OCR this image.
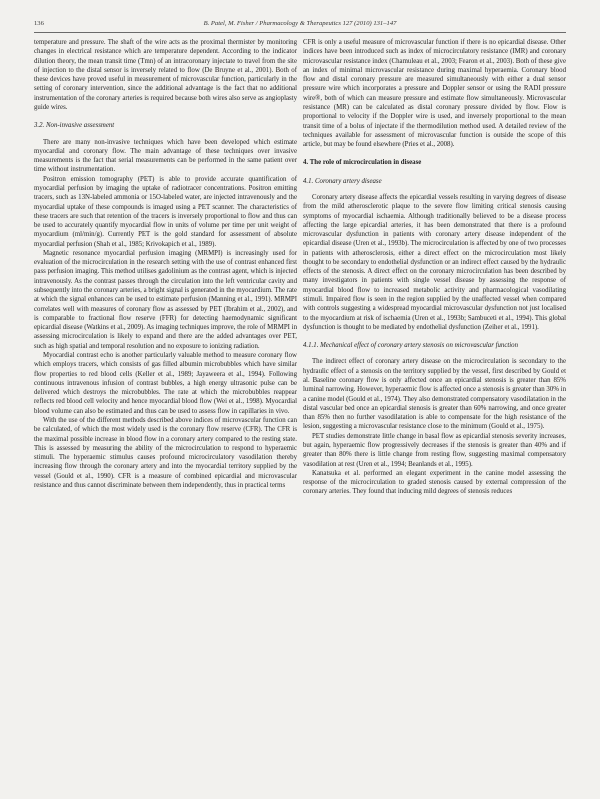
136	B. Patel, M. Fisher / Pharmacology & Therapeutics 127 (2010) 131–147

temperature and pressure. The shaft of the wire acts as the proximal thermister by monitoring changes in electrical resistance which are temperature dependent. According to the indicator dilution theory, the mean transit time (Tmn) of an intracoronary injectate to travel from the site of injection to the distal sensor is inversely related to flow (De Bruyne et al., 2001). Both of these devices have proved useful in measurement of microvascular function, particularly in the setting of coronary intervention, since the additional advantage is the fact that no additional instrumentation of the coronary arteries is required because both wires also serve as angioplasty guide wires.

3.2. Non-invasive assessment

There are many non-invasive techniques which have been developed which estimate myocardial and coronary flow. The main advantage of these techniques over invasive measurements is the fact that serial measurements can be performed in the same patient over time without instrumentation.

Positron emission tomography (PET) is able to provide accurate quantification of myocardial perfusion by imaging the uptake of radiotracer concentrations. Positron emitting tracers, such as 13N-labeled ammonia or 15O-labeled water, are injected intravenously and the myocardial uptake of these compounds is imaged using a PET scanner. The characteristics of these tracers are such that retention of the tracers is inversely proportional to flow and thus can be used to accurately quantify myocardial flow in units of volume per time per unit weight of myocardium (ml/min/g). Currently PET is the gold standard for assessment of absolute myocardial perfusion (Shah et al., 1985; Krivokapich et al., 1989).

Magnetic resonance myocardial perfusion imaging (MRMPI) is increasingly used for evaluation of the microcirculation in the research setting with the use of contrast enhanced first pass perfusion imaging. This method utilises gadolinium as the contrast agent, which is injected intravenously. As the contrast passes through the circulation into the left ventricular cavity and subsequently into the coronary arteries, a bright signal is generated in the myocardium. The rate at which the signal enhances can be used to estimate perfusion (Manning et al., 1991). MRMPI correlates well with measures of coronary flow as assessed by PET (Ibrahim et al., 2002), and is comparable to fractional flow reserve (FFR) for detecting haemodynamic significant epicardial disease (Watkins et al., 2009). As imaging techniques improve, the role of MRMPI in assessing microcirculation is likely to expand and there are the added advantages over PET, such as high spatial and temporal resolution and no exposure to ionizing radiation.

Myocardial contrast echo is another particularly valuable method to measure coronary flow which employs tracers, which consists of gas filled albumin microbubbles which have similar flow properties to red blood cells (Keller et al., 1989; Jayaweera et al., 1994). Following continuous intravenous infusion of contrast bubbles, a high energy ultrasonic pulse can be delivered which destroys the microbubbles. The rate at which the microbubbles reappear reflects red blood cell velocity and hence myocardial blood flow (Wei et al., 1998). Myocardial blood volume can also be estimated and thus can be used to assess flow in capillaries in vivo.

With the use of the different methods described above indices of microvascular function can be calculated, of which the most widely used is the coronary flow reserve (CFR). The CFR is the maximal possible increase in blood flow in a coronary artery compared to the resting state. This is assessed by measuring the ability of the microcirculation to respond to hyperaemic stimuli. The hyperaemic stimulus causes profound microcirculatory vasodilation thereby increasing flow through the coronary artery and into the myocardial territory supplied by the vessel (Gould et al., 1990). CFR is a measure of combined epicardial and microvascular resistance and thus cannot discriminate between them independently, thus in practical terms

CFR is only a useful measure of microvascular function if there is no epicardial disease. Other indices have been introduced such as index of microcirculatory resistance (IMR) and coronary microvascular resistance index (Chamuleau et al., 2003; Fearon et al., 2003). Both of these give an index of minimal microvascular resistance during maximal hyperaemia. Coronary blood flow and distal coronary pressure are measured simultaneously with either a dual sensor pressure wire which incorporates a pressure and Doppler sensor or using the RADI pressure wire®, both of which can measure pressure and estimate flow simultaneously. Microvascular resistance (MR) can be calculated as distal coronary pressure divided by flow. Flow is proportional to velocity if the Doppler wire is used, and inversely proportional to the mean transit time of a bolus of injectate if the thermodilution method used. A detailed review of the techniques available for assessment of microvascular function is outside the scope of this article, but may be found elsewhere (Pries et al., 2008).

4. The role of microcirculation in disease
4.1. Coronary artery disease

Coronary artery disease affects the epicardial vessels resulting in varying degrees of disease from the mild atherosclerotic plaque to the severe flow limiting critical stenosis causing symptoms of myocardial ischaemia. Although traditionally believed to be a disease process affecting the large epicardial arteries, it has been demonstrated that there is a profound microvascular dysfunction in patients with coronary artery disease independent of the epicardial disease (Uren et al., 1993b). The microcirculation is affected by one of two processes in patients with atherosclerosis, either a direct effect on the microcirculation most likely thought to be secondary to endothelial dysfunction or an indirect effect caused by the hydraulic effects of the stenosis. A direct effect on the coronary microcirculation has been described by many investigators in patients with single vessel disease by assessing the response of myocardial blood flow to increased metabolic activity and pharmacological vasodilating stimuli. Impaired flow is seen in the region supplied by the unaffected vessel when compared with controls suggesting a widespread myocardial microvascular dysfunction not just localised to the myocardium at risk of ischaemia (Uren et al., 1993b; Sambuceti et al., 1994). This global dysfunction is thought to be mediated by endothelial dysfunction (Zeiher et al., 1991).

4.1.1. Mechanical effect of coronary artery stenosis on microvascular function

The indirect effect of coronary artery disease on the microcirculation is secondary to the hydraulic effect of a stenosis on the territory supplied by the vessel, first described by Gould et al. Baseline coronary flow is only affected once an epicardial stenosis is greater than 85% luminal narrowing. However, hyperaemic flow is affected once a stenosis is greater than 30% in a canine model (Gould et al., 1974). They also demonstrated compensatory vasodilatation in the distal vascular bed once an epicardial stenosis is greater than 60% narrowing, and once greater than 85% then no further vasodilatation is able to compensate for the high resistance of the lesion, suggesting a microvascular resistance close to the minimum (Gould et al., 1975).

PET studies demonstrate little change in basal flow as epicardial stenosis severity increases, but again, hyperaemic flow progressively decreases if the stenosis is greater than 40% and if greater than 80% there is little change from resting flow, suggesting maximal compensatory vasodilation at rest (Uren et al., 1994; Beanlands et al., 1995).

Kanatsuka et al. performed an elegant experiment in the canine model assessing the response of the microcirculation to graded stenosis caused by external compression of the coronary arteries. They found that inducing mild degrees of stenosis reduces
